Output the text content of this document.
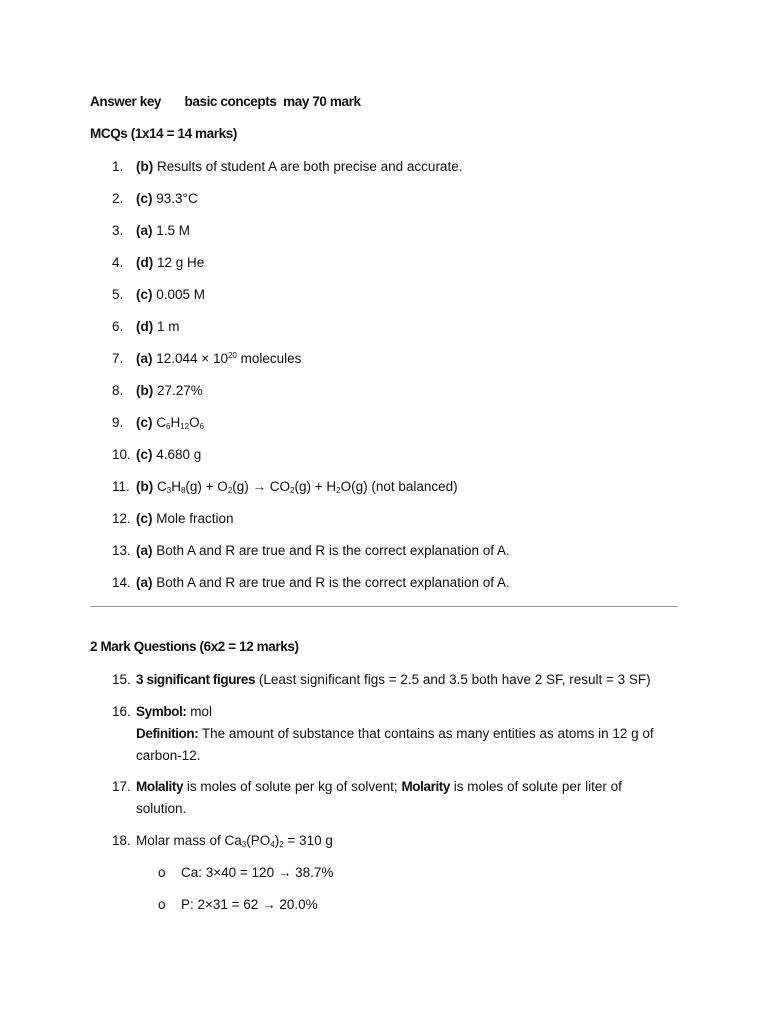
Answer key basic concepts  may 70 mark
MCQs (1x14 = 14 marks)
1. (b) Results of student A are both precise and accurate.
2. (c) 93.3°C
3. (a) 1.5 M
4. (d) 12 g He
5. (c) 0.005 M
6. (d) 1 m
7. (a) $12.044 \times 10^{20}$ molecules
8. (b) 27.27%
9. (c) $C_6H_{12}O_6$
10. (c) 4.680 g
11. (b) $C_3H_8(g) + O_2(g) \to CO_2(g) + H_2O(g)$ (not balanced)
12. (c) Mole fraction
13. (a) Both A and R are true and R is the correct explanation of A.
14. (a) Both A and R are true and R is the correct explanation of A.
2 Mark Questions (6x2 = 12 marks)
15. 3 significant figures (Least significant figs = 2.5 and 3.5 both have 2 SF, result = 3 SF)
16. Symbol: mol
Definition: The amount of substance that contains as many entities as atoms in 12 g of carbon-12.
17. Molality is moles of solute per kg of solvent; Molarity is moles of solute per liter of solution.
18. Molar mass of $Ca_3(PO_4)_2 = 310$ g
o Ca: 3×40 = 120 → 38.7%
o P: 2×31 = 62 → 20.0%
